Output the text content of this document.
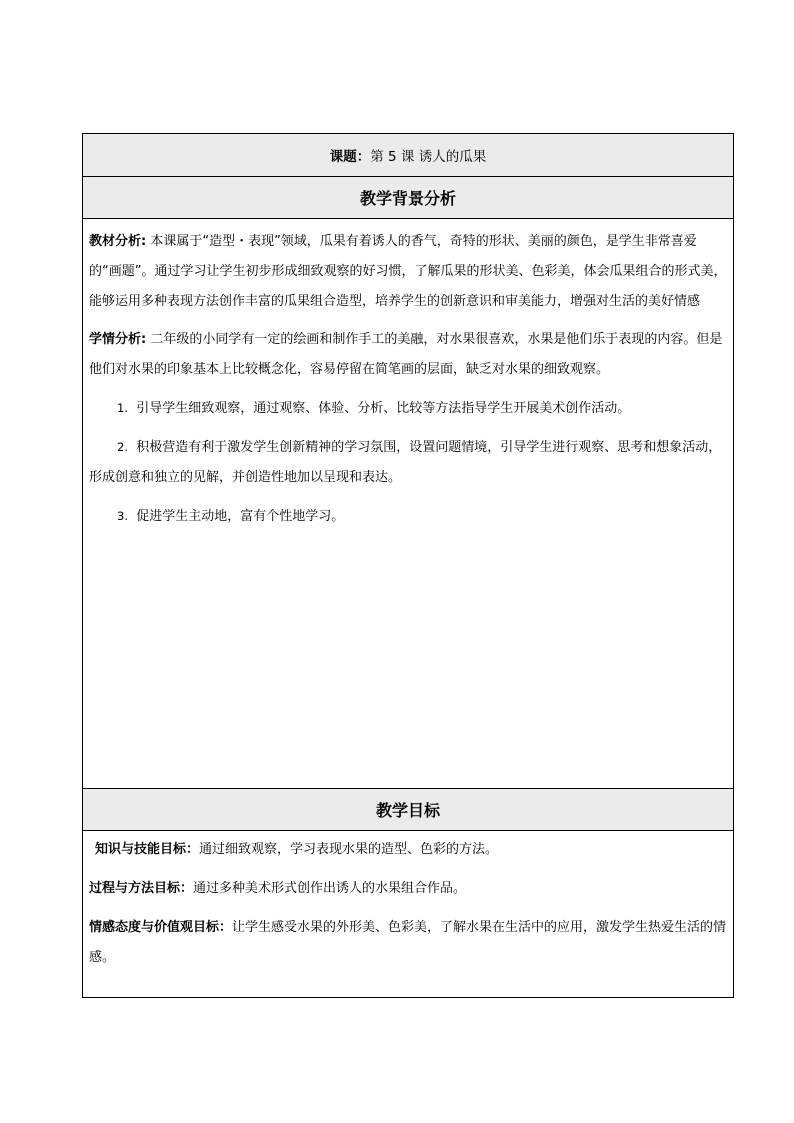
课题： 第 5 课 诱人的瓜果
教学背景分析

教材分析: 本课属于“造型・表现”领域，瓜果有着诱人的香气，奇特的形状、美丽的颜色，是学生非常喜爱的“画题”。通过学习让学生初步形成细致观察的好习惯，了解瓜果的形状美、色彩美，体会瓜果组合的形式美，能够运用多种表现方法创作丰富的瓜果组合造型，培养学生的创新意识和审美能力，增强对生活的美好情感

学情分析: 二年级的小同学有一定的绘画和制作手工的美融，对水果很喜欢，水果是他们乐于表现的内容。但是他们对水果的印象基本上比较概念化，容易停留在简笔画的层面，缺乏对水果的细致观察。

1. 引导学生细致观察，通过观察、体验、分析、比较等方法指导学生开展美术创作活动。

2. 积极营造有利于激发学生创新精神的学习氛围，设置问题情境，引导学生进行观察、思考和想象活动，形成创意和独立的见解，并创造性地加以呈现和表达。

3. 促进学生主动地，富有个性地学习。

教学目标

知识与技能目标：通过细致观察，学习表现水果的造型、色彩的方法。

过程与方法目标：通过多种美术形式创作出诱人的水果组合作品。

情感态度与价值观目标：让学生感受水果的外形美、色彩美，了解水果在生活中的应用，激发学生热爱生活的情感。
